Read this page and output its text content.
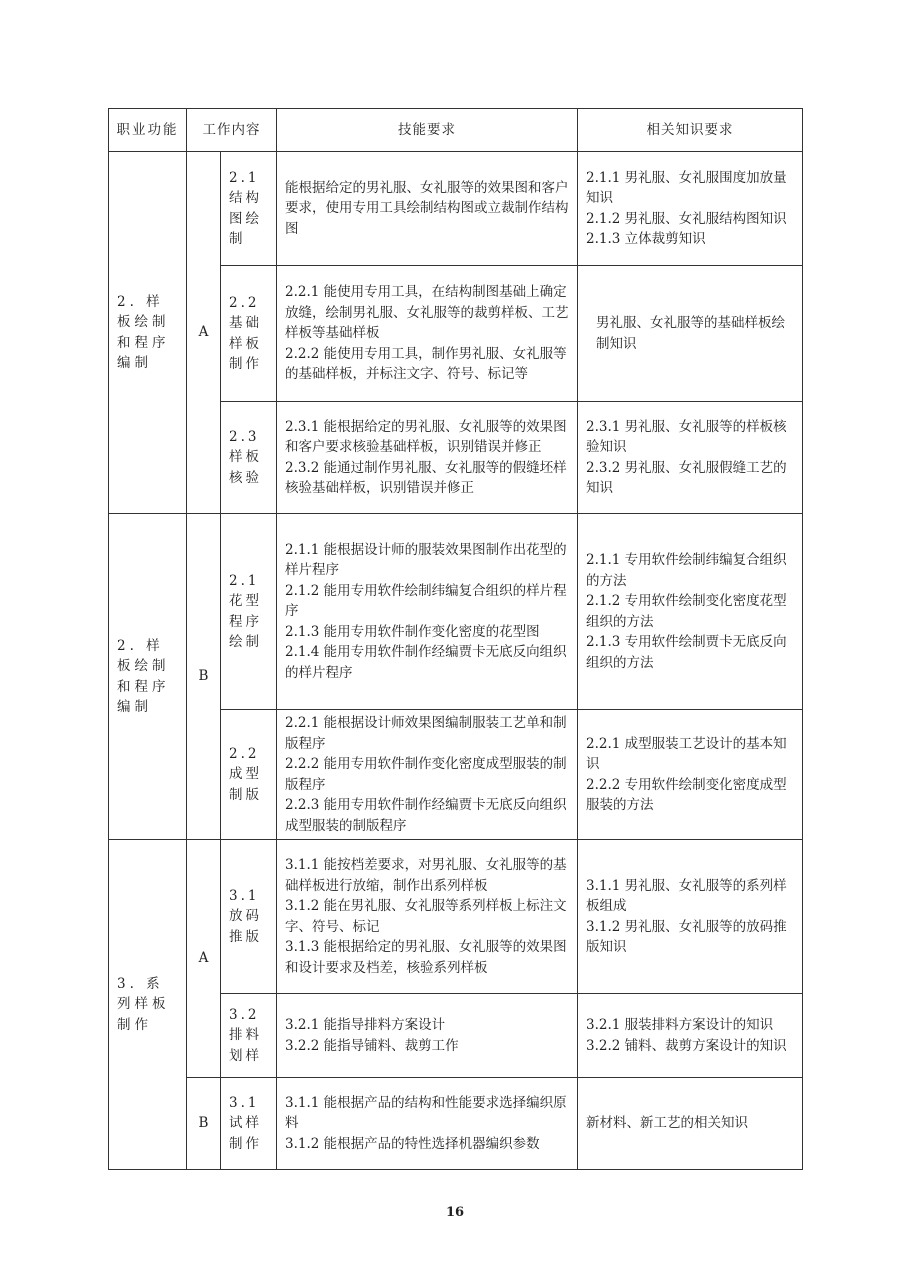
职业功能	工作内容		技能要求	相关知识要求
2. 样板绘制和程序编制	A	2.1 结构图绘制	能根据给定的男礼服、女礼服等的效果图和客户要求，使用专用工具绘制结构图或立裁制作结构图	2.1.1 男礼服、女礼服围度加放量知识
2.1.2 男礼服、女礼服结构图知识
2.1.3 立体裁剪知识

		2.2 基础样板制作	2.2.1 能使用专用工具，在结构制图基础上确定放缝，绘制男礼服、女礼服等的裁剪样板、工艺样板等基础样板
2.2.2 能使用专用工具，制作男礼服、女礼服等的基础样板，并标注文字、符号、标记等	男礼服、女礼服等的基础样板绘制知识

		2.3 样板核验	2.3.1 能根据给定的男礼服、女礼服等的效果图和客户要求核验基础样板，识别错误并修正
2.3.2 能通过制作男礼服、女礼服等的假缝坯样核验基础样板，识别错误并修正	2.3.1 男礼服、女礼服等的样板核验知识
2.3.2 男礼服、女礼服假缝工艺的知识

2. 样板绘制和程序编制	B	2.1 花型程序绘制	2.1.1 能根据设计师的服装效果图制作出花型的样片程序
2.1.2 能用专用软件绘制纬编复合组织的样片程序
2.1.3 能用专用软件制作变化密度的花型图
2.1.4 能用专用软件制作经编贾卡无底反向组织的样片程序	2.1.1 专用软件绘制纬编复合组织的方法
2.1.2 专用软件绘制变化密度花型组织的方法
2.1.3 专用软件绘制贾卡无底反向组织的方法

		2.2 成型制版	2.2.1 能根据设计师效果图编制服装工艺单和制版程序
2.2.2 能用专用软件制作变化密度成型服装的制版程序
2.2.3 能用专用软件制作经编贾卡无底反向组织成型服装的制版程序	2.2.1 成型服装工艺设计的基本知识
2.2.2 专用软件绘制变化密度成型服装的方法

3. 系列样板制作	A	3.1 放码推版	3.1.1 能按档差要求，对男礼服、女礼服等的基础样板进行放缩，制作出系列样板
3.1.2 能在男礼服、女礼服等系列样板上标注文字、符号、标记
3.1.3 能根据给定的男礼服、女礼服等的效果图和设计要求及档差，核验系列样板	3.1.1 男礼服、女礼服等的系列样板组成
3.1.2 男礼服、女礼服等的放码推版知识

		3.2 排料划样	3.2.1 能指导排料方案设计
3.2.2 能指导铺料、裁剪工作	3.2.1 服装排料方案设计的知识
3.2.2 铺料、裁剪方案设计的知识

	B	3.1 试样制作	3.1.1 能根据产品的结构和性能要求选择编织原料
3.1.2 能根据产品的特性选择机器编织参数	新材料、新工艺的相关知识
16
